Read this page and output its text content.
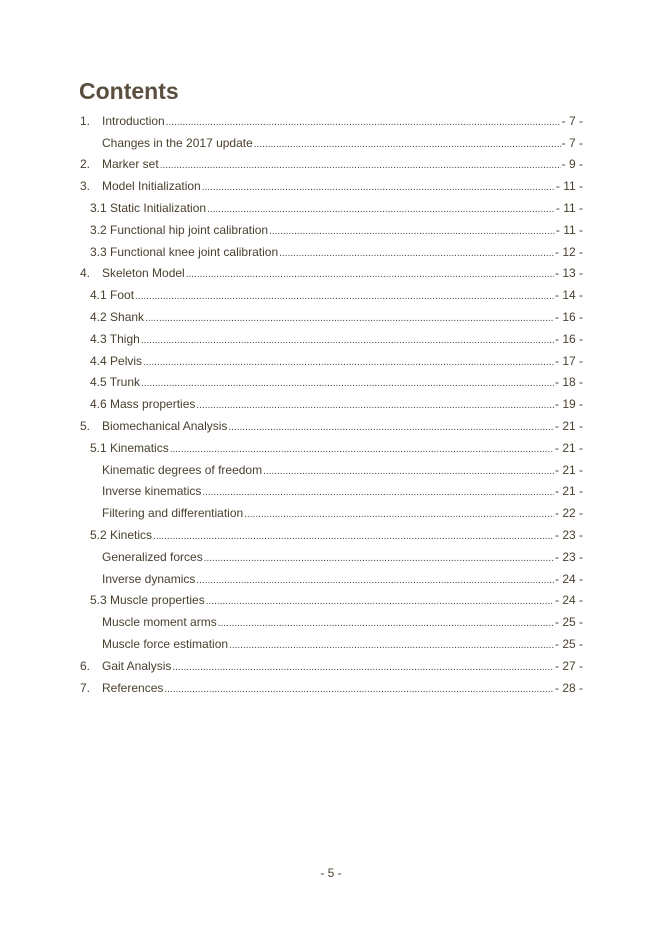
Contents
1. Introduction .....	- 7 -
Changes in the 2017 update .....	- 7 -
2. Marker set .....	- 9 -
3. Model Initialization .....	- 11 -
3.1 Static Initialization .....	- 11 -
3.2 Functional hip joint calibration .....	- 11 -
3.3 Functional knee joint calibration .....	- 12 -
4. Skeleton Model .....	- 13 -
4.1 Foot .....	- 14 -
4.2 Shank .....	- 16 -
4.3 Thigh .....	- 16 -
4.4 Pelvis .....	- 17 -
4.5 Trunk .....	- 18 -
4.6 Mass properties .....	- 19 -
5. Biomechanical Analysis .....	- 21 -
5.1 Kinematics .....	- 21 -
Kinematic degrees of freedom .....	- 21 -
Inverse kinematics .....	- 21 -
Filtering and differentiation .....	- 22 -
5.2 Kinetics .....	- 23 -
Generalized forces .....	- 23 -
Inverse dynamics .....	- 24 -
5.3 Muscle properties .....	- 24 -
Muscle moment arms .....	- 25 -
Muscle force estimation .....	- 25 -
6. Gait Analysis .....	- 27 -
7. References .....	- 28 -
- 5 -
